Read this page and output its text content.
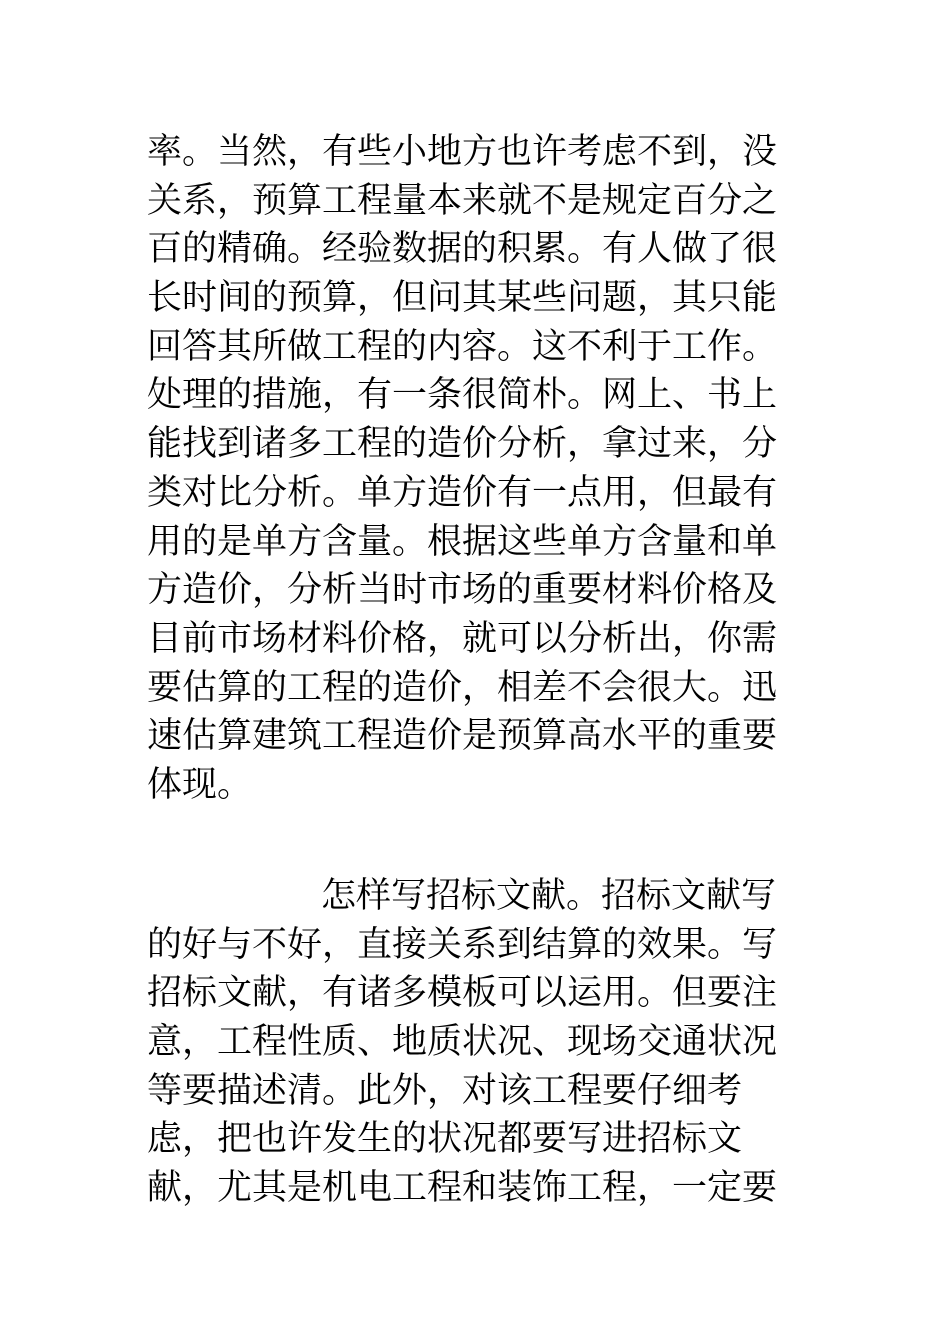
率。当然，有些小地方也许考虑不到，没
关系，预算工程量本来就不是规定百分之
百的精确。经验数据的积累。有人做了很
长时间的预算，但问其某些问题，其只能
回答其所做工程的内容。这不利于工作。
处理的措施，有一条很简朴。网上、书上
能找到诸多工程的造价分析，拿过来，分
类对比分析。单方造价有一点用，但最有
用的是单方含量。根据这些单方含量和单
方造价，分析当时市场的重要材料价格及
目前市场材料价格，就可以分析出，你需
要估算的工程的造价，相差不会很大。迅
速估算建筑工程造价是预算高水平的重要
体现。
怎样写招标文献。招标文献写
的好与不好，直接关系到结算的效果。写
招标文献，有诸多模板可以运用。但要注
意，工程性质、地质状况、现场交通状况
等要描述清。此外，对该工程要仔细考
虑，把也许发生的状况都要写进招标文
献，尤其是机电工程和装饰工程，一定要
